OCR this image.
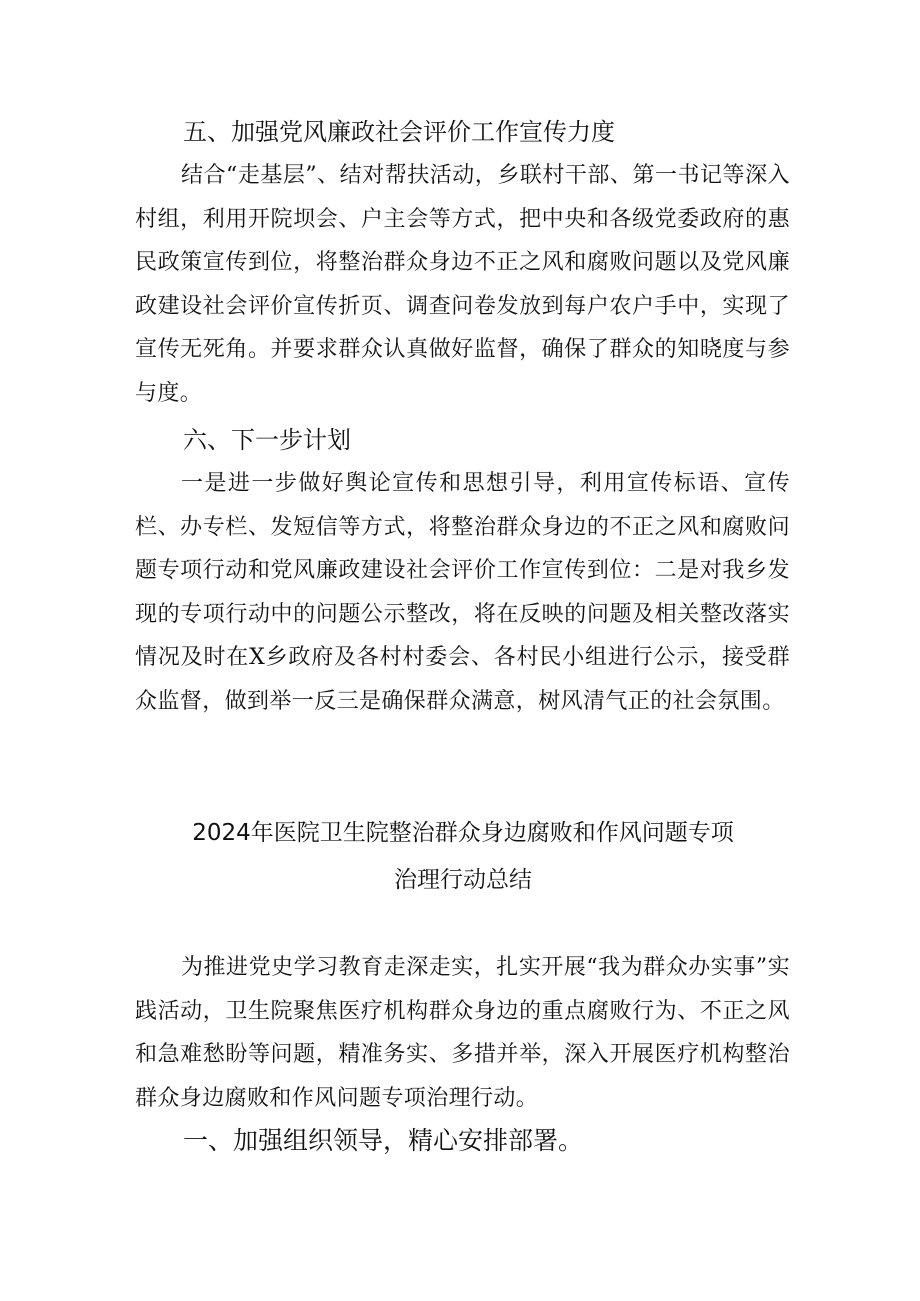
五、加强党风廉政社会评价工作宣传力度
结合“走基层”、结对帮扶活动，乡联村干部、第一书记等深入村组，利用开院坝会、户主会等方式，把中央和各级党委政府的惠民政策宣传到位，将整治群众身边不正之风和腐败问题以及党风廉政建设社会评价宣传折页、调查问卷发放到每户农户手中，实现了宣传无死角。并要求群众认真做好监督，确保了群众的知晓度与参与度。
六、下一步计划
一是进一步做好舆论宣传和思想引导，利用宣传标语、宣传栏、办专栏、发短信等方式，将整治群众身边的不正之风和腐败问题专项行动和党风廉政建设社会评价工作宣传到位：二是对我乡发现的专项行动中的问题公示整改，将在反映的问题及相关整改落实情况及时在X乡政府及各村村委会、各村民小组进行公示，接受群众监督，做到举一反三是确保群众满意，树风清气正的社会氛围。
2024年医院卫生院整治群众身边腐败和作风问题专项
治理行动总结
为推进党史学习教育走深走实，扎实开展“我为群众办实事”实践活动，卫生院聚焦医疗机构群众身边的重点腐败行为、不正之风和急难愁盼等问题，精准务实、多措并举，深入开展医疗机构整治群众身边腐败和作风问题专项治理行动。
一、加强组织领导，精心安排部署。
